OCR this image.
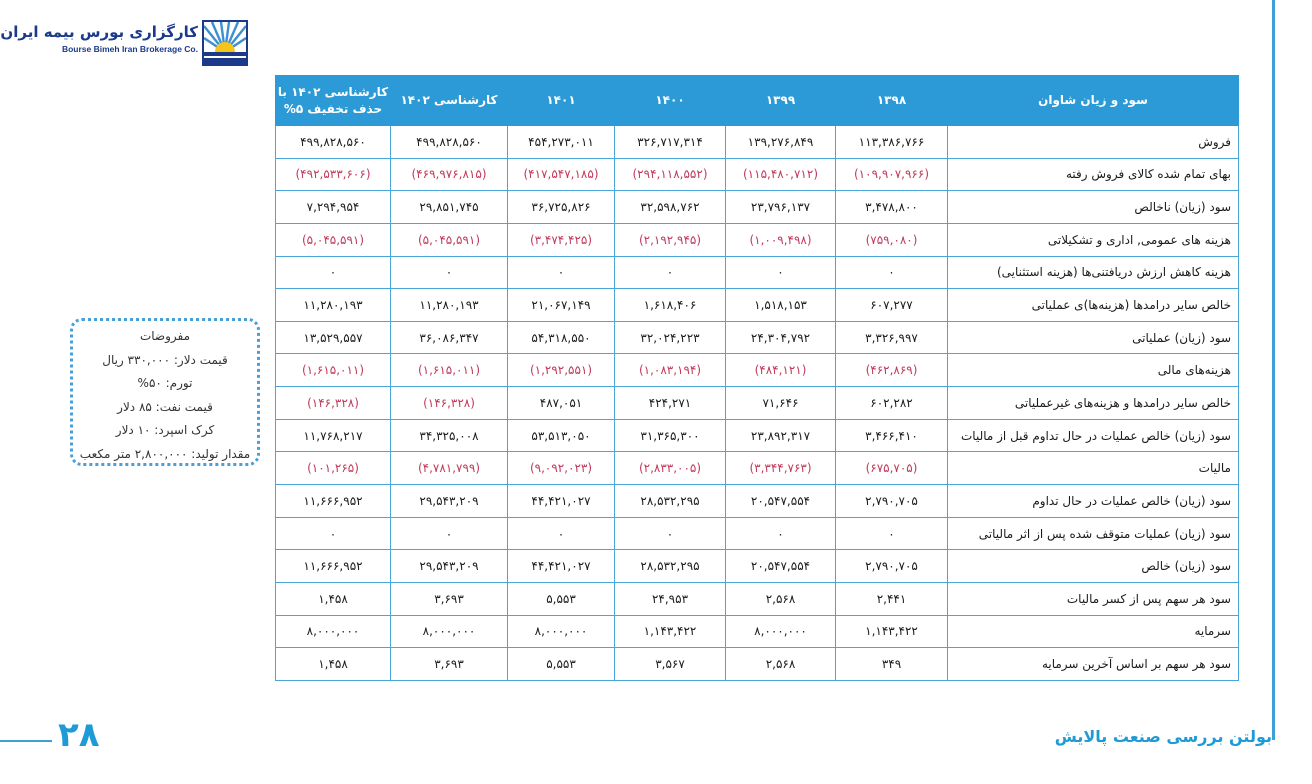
کارگزاری بورس بیمه ایران
Bourse Bimeh Iran Brokerage Co.
مفروضات
قیمت دلار: ۳۳۰,۰۰۰ ریال
تورم: ۵۰%
قیمت نفت: ۸۵ دلار
کرک اسپرد: ۱۰ دلار
مقدار تولید: ۲,۸۰۰,۰۰۰ متر مکعب
سود و زیان شاوان	۱۳۹۸	۱۳۹۹	۱۴۰۰	۱۴۰۱	کارشناسی ۱۴۰۲	کارشناسی ۱۴۰۲ با حذف تخفیف ۵%
فروش	۱۱۳,۳۸۶,۷۶۶	۱۳۹,۲۷۶,۸۴۹	۳۲۶,۷۱۷,۳۱۴	۴۵۴,۲۷۳,۰۱۱	۴۹۹,۸۲۸,۵۶۰	۴۹۹,۸۲۸,۵۶۰
بهای تمام شده کالای فروش رفته	(۱۰۹,۹۰۷,۹۶۶)	(۱۱۵,۴۸۰,۷۱۲)	(۲۹۴,۱۱۸,۵۵۲)	(۴۱۷,۵۴۷,۱۸۵)	(۴۶۹,۹۷۶,۸۱۵)	(۴۹۲,۵۳۳,۶۰۶)
سود (زیان) ناخالص	۳,۴۷۸,۸۰۰	۲۳,۷۹۶,۱۳۷	۳۲,۵۹۸,۷۶۲	۳۶,۷۲۵,۸۲۶	۲۹,۸۵۱,۷۴۵	۷,۲۹۴,۹۵۴
هزینه های عمومی, اداری و تشکیلاتی	(۷۵۹,۰۸۰)	(۱,۰۰۹,۴۹۸)	(۲,۱۹۲,۹۴۵)	(۳,۴۷۴,۴۲۵)	(۵,۰۴۵,۵۹۱)	(۵,۰۴۵,۵۹۱)
هزینه کاهش ارزش دریافتنی‌ها (هزینه استثنایی)	۰	۰	۰	۰	۰	۰
خالص سایر درامدها (هزینه‌ها)ی عملیاتی	۶۰۷,۲۷۷	۱,۵۱۸,۱۵۳	۱,۶۱۸,۴۰۶	۲۱,۰۶۷,۱۴۹	۱۱,۲۸۰,۱۹۳	۱۱,۲۸۰,۱۹۳
سود (زیان) عملیاتی	۳,۳۲۶,۹۹۷	۲۴,۳۰۴,۷۹۲	۳۲,۰۲۴,۲۲۳	۵۴,۳۱۸,۵۵۰	۳۶,۰۸۶,۳۴۷	۱۳,۵۲۹,۵۵۷
هزینه‌های مالی	(۴۶۲,۸۶۹)	(۴۸۴,۱۲۱)	(۱,۰۸۳,۱۹۴)	(۱,۲۹۲,۵۵۱)	(۱,۶۱۵,۰۱۱)	(۱,۶۱۵,۰۱۱)
خالص سایر درامدها و هزینه‌های غیرعملیاتی	۶۰۲,۲۸۲	۷۱,۶۴۶	۴۲۴,۲۷۱	۴۸۷,۰۵۱	(۱۴۶,۳۲۸)	(۱۴۶,۳۲۸)
سود (زیان) خالص عملیات در حال تداوم قبل از مالیات	۳,۴۶۶,۴۱۰	۲۳,۸۹۲,۳۱۷	۳۱,۳۶۵,۳۰۰	۵۳,۵۱۳,۰۵۰	۳۴,۳۲۵,۰۰۸	۱۱,۷۶۸,۲۱۷
مالیات	(۶۷۵,۷۰۵)	(۳,۳۴۴,۷۶۳)	(۲,۸۳۳,۰۰۵)	(۹,۰۹۲,۰۲۳)	(۴,۷۸۱,۷۹۹)	(۱۰۱,۲۶۵)
سود (زیان) خالص عملیات در حال تداوم	۲,۷۹۰,۷۰۵	۲۰,۵۴۷,۵۵۴	۲۸,۵۳۲,۲۹۵	۴۴,۴۲۱,۰۲۷	۲۹,۵۴۳,۲۰۹	۱۱,۶۶۶,۹۵۲
سود (زیان) عملیات متوقف شده پس از اثر مالیاتی	۰	۰	۰	۰	۰	۰
سود (زیان) خالص	۲,۷۹۰,۷۰۵	۲۰,۵۴۷,۵۵۴	۲۸,۵۳۲,۲۹۵	۴۴,۴۲۱,۰۲۷	۲۹,۵۴۳,۲۰۹	۱۱,۶۶۶,۹۵۲
سود هر سهم پس از کسر مالیات	۲,۴۴۱	۲,۵۶۸	۲۴,۹۵۳	۵,۵۵۳	۳,۶۹۳	۱,۴۵۸
سرمایه	۱,۱۴۳,۴۲۲	۸,۰۰۰,۰۰۰	۱,۱۴۳,۴۲۲	۸,۰۰۰,۰۰۰	۸,۰۰۰,۰۰۰	۸,۰۰۰,۰۰۰
سود هر سهم بر اساس آخرین سرمایه	۳۴۹	۲,۵۶۸	۳,۵۶۷	۵,۵۵۳	۳,۶۹۳	۱,۴۵۸
۲۸	بولتن بررسی صنعت پالایش
